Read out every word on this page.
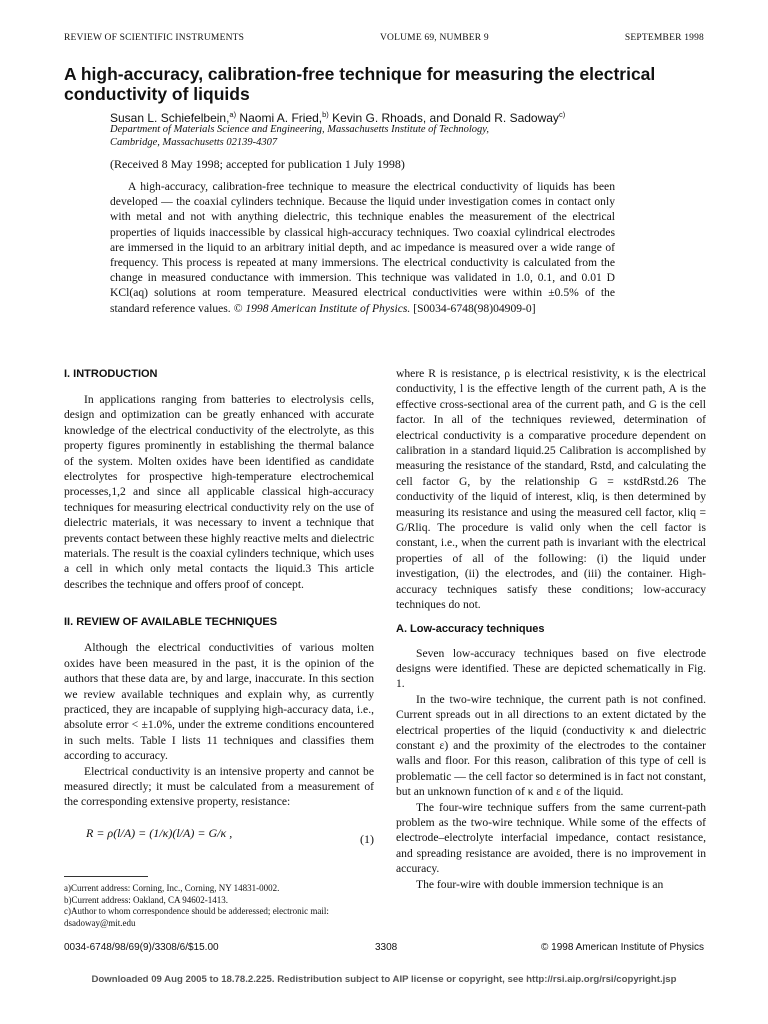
REVIEW OF SCIENTIFIC INSTRUMENTS	VOLUME 69, NUMBER 9	SEPTEMBER 1998
A high-accuracy, calibration-free technique for measuring the electrical conductivity of liquids
Susan L. Schiefelbein,$^{a)}$ Naomi A. Fried,$^{b)}$ Kevin G. Rhoads, and Donald R. Sadoway$^{c)}$
Department of Materials Science and Engineering, Massachusetts Institute of Technology,
Cambridge, Massachusetts 02139-4307
(Received 8 May 1998; accepted for publication 1 July 1998)

A high-accuracy, calibration-free technique to measure the electrical conductivity of liquids has been developed — the coaxial cylinders technique. Because the liquid under investigation comes in contact only with metal and not with anything dielectric, this technique enables the measurement of the electrical properties of liquids inaccessible by classical high-accuracy techniques. Two coaxial cylindrical electrodes are immersed in the liquid to an arbitrary initial depth, and ac impedance is measured over a wide range of frequency. This process is repeated at many immersions. The electrical conductivity is calculated from the change in measured conductance with immersion. This technique was validated in 1.0, 0.1, and 0.01 D KCl(aq) solutions at room temperature. Measured electrical conductivities were within ±0.5% of the standard reference values. © 1998 American Institute of Physics. [S0034-6748(98)04909-0]

I. INTRODUCTION

In applications ranging from batteries to electrolysis cells, design and optimization can be greatly enhanced with accurate knowledge of the electrical conductivity of the electrolyte, as this property figures prominently in establishing the thermal balance of the system. Molten oxides have been identified as candidate electrolytes for prospective high-temperature electrochemical processes,1,2 and since all applicable classical high-accuracy techniques for measuring electrical conductivity rely on the use of dielectric materials, it was necessary to invent a technique that prevents contact between these highly reactive melts and dielectric materials. The result is the coaxial cylinders technique, which uses a cell in which only metal contacts the liquid.3 This article describes the technique and offers proof of concept.

II. REVIEW OF AVAILABLE TECHNIQUES

Although the electrical conductivities of various molten oxides have been measured in the past, it is the opinion of the authors that these data are, by and large, inaccurate. In this section we review available techniques and explain why, as currently practiced, they are incapable of supplying high-accuracy data, i.e., absolute error < ±1.0%, under the extreme conditions encountered in such melts. Table I lists 11 techniques and classifies them according to accuracy.

Electrical conductivity is an intensive property and cannot be measured directly; it must be calculated from a measurement of the corresponding extensive property, resistance:

R = ρ(l/A) = (1/κ)(l/A) = G/κ ,	(1)
a)Current address: Corning, Inc., Corning, NY 14831-0002.
b)Current address: Oakland, CA 94602-1413.
c)Author to whom correspondence should be adderessed; electronic mail: dsadoway@mit.edu

where R is resistance, ρ is electrical resistivity, κ is the electrical conductivity, l is the effective length of the current path, A is the effective cross-sectional area of the current path, and G is the cell factor. In all of the techniques reviewed, determination of electrical conductivity is a comparative procedure dependent on calibration in a standard liquid.25 Calibration is accomplished by measuring the resistance of the standard, Rstd, and calculating the cell factor G, by the relationship G = κstdRstd.26 The conductivity of the liquid of interest, κliq, is then determined by measuring its resistance and using the measured cell factor, κliq = G/Rliq. The procedure is valid only when the cell factor is constant, i.e., when the current path is invariant with the electrical properties of all of the following: (i) the liquid under investigation, (ii) the electrodes, and (iii) the container. High-accuracy techniques satisfy these conditions; low-accuracy techniques do not.

A. Low-accuracy techniques

Seven low-accuracy techniques based on five electrode designs were identified. These are depicted schematically in Fig. 1.

In the two-wire technique, the current path is not confined. Current spreads out in all directions to an extent dictated by the electrical properties of the liquid (conductivity κ and dielectric constant ε) and the proximity of the electrodes to the container walls and floor. For this reason, calibration of this type of cell is problematic — the cell factor so determined is in fact not constant, but an unknown function of κ and ε of the liquid.

The four-wire technique suffers from the same current-path problem as the two-wire technique. While some of the effects of electrode–electrolyte interfacial impedance, contact resistance, and spreading resistance are avoided, there is no improvement in accuracy.

The four-wire with double immersion technique is an

0034-6748/98/69(9)/3308/6/$15.00	3308	© 1998 American Institute of Physics
Downloaded 09 Aug 2005 to 18.78.2.225. Redistribution subject to AIP license or copyright, see http://rsi.aip.org/rsi/copyright.jsp
